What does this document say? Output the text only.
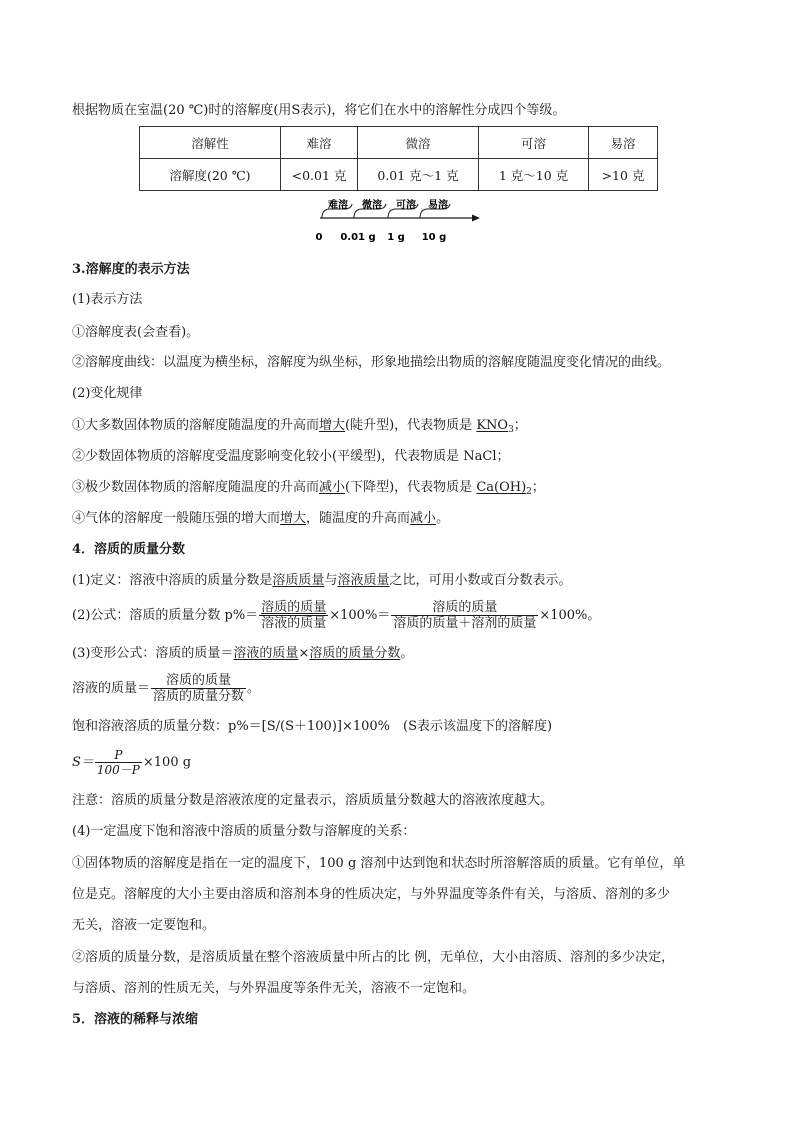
根据物质在室温(20 ℃)时的溶解度(用S表示)，将它们在水中的溶解性分成四个等级。
溶解性	难溶	微溶	可溶	易溶
溶解度(20 ℃)	<0.01 克	0.01 克～1 克	1 克～10 克	>10 克
难溶 微溶 可溶 易溶
0 0.01 g 1 g 10 g
3.溶解度的表示方法
(1)表示方法
①溶解度表(会查看)。
②溶解度曲线：以温度为横坐标，溶解度为纵坐标，形象地描绘出物质的溶解度随温度变化情况的曲线。
(2)变化规律
①大多数固体物质的溶解度随温度的升高而增大(陡升型)，代表物质是 $KNO_3$；
②少数固体物质的溶解度受温度影响变化较小(平缓型)，代表物质是 NaCl；
③极少数固体物质的溶解度随温度的升高而减小(下降型)，代表物质是 $Ca(OH)_2$；
④气体的溶解度一般随压强的增大而增大，随温度的升高而减小。
4．溶质的质量分数
(1)定义：溶液中溶质的质量分数是溶质质量与溶液质量之比，可用小数或百分数表示。
(2)公式：溶质的质量分数 $p\%= \frac{\text{溶质的质量}}{\text{溶液的质量}} \times 100\%= \frac{\text{溶质的质量}}{\text{溶质的质量＋溶剂的质量}} \times 100\%$。
(3)变形公式：溶质的质量＝溶液的质量×溶质的质量分数。
溶液的质量＝ $\frac{\text{溶质的质量}}{\text{溶质的质量分数}}$ 。
饱和溶液溶质的质量分数：p%＝[S/(S＋100)]×100%　(S表示该温度下的溶解度)
$S= \frac{P}{100-P} \times 100$ g
注意：溶质的质量分数是溶液浓度的定量表示，溶质质量分数越大的溶液浓度越大。
(4)一定温度下饱和溶液中溶质的质量分数与溶解度的关系：
①固体物质的溶解度是指在一定的温度下，100 g 溶剂中达到饱和状态时所溶解溶质的质量。它有单位，单
位是克。溶解度的大小主要由溶质和溶剂本身的性质决定，与外界温度等条件有关，与溶质、溶剂的多少
无关，溶液一定要饱和。
②溶质的质量分数，是溶质质量在整个溶液质量中所占的比 例，无单位，大小由溶质、溶剂的多少决定，
与溶质、溶剂的性质无关，与外界温度等条件无关，溶液不一定饱和。
5．溶液的稀释与浓缩
